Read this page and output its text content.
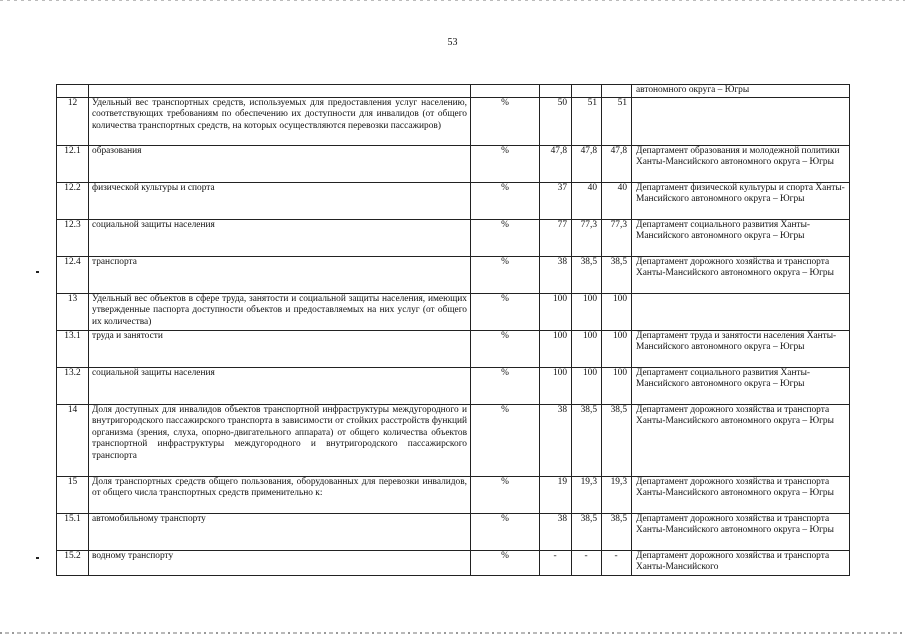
53
						автономного округа – Югры
12	Удельный вес транспортных средств, используемых для предоставления услуг населению, соответствующих требованиям по обеспечению их доступности для инвалидов (от общего количества транспортных средств, на которых осуществляются перевозки пассажиров)	%	50	51	51	
12.1	образования	%	47,8	47,8	47,8	Департамент образования и молодежной политики Ханты-Мансийского автономного округа – Югры
12.2	физической культуры и спорта	%	37	40	40	Департамент физической культуры и спорта Ханты-Мансийского автономного округа – Югры
12.3	социальной защиты населения	%	77	77,3	77,3	Департамент социального развития Ханты-Мансийского автономного округа – Югры
12.4	транспорта	%	38	38,5	38,5	Департамент дорожного хозяйства и транспорта Ханты-Мансийского автономного округа – Югры
13	Удельный вес объектов в сфере труда, занятости и социальной защиты населения, имеющих утвержденные паспорта доступности объектов и предоставляемых на них услуг (от общего их количества)	%	100	100	100	
13.1	труда и занятости	%	100	100	100	Департамент труда и занятости населения Ханты-Мансийского автономного округа – Югры
13.2	социальной защиты населения	%	100	100	100	Департамент социального развития Ханты-Мансийского автономного округа – Югры
14	Доля доступных для инвалидов объектов транспортной инфраструктуры междугородного и внутригородского пассажирского транспорта в зависимости от стойких расстройств функций организма (зрения, слуха, опорно-двигательного аппарата) от общего количества объектов транспортной инфраструктуры междугородного и внутригородского пассажирского транспорта	%	38	38,5	38,5	Департамент дорожного хозяйства и транспорта Ханты-Мансийского автономного округа – Югры
15	Доля транспортных средств общего пользования, оборудованных для перевозки инвалидов, от общего числа транспортных средств применительно к:	%	19	19,3	19,3	Департамент дорожного хозяйства и транспорта Ханты-Мансийского автономного округа – Югры
15.1	автомобильному транспорту	%	38	38,5	38,5	Департамент дорожного хозяйства и транспорта Ханты-Мансийского автономного округа – Югры
15.2	водному транспорту	%	-	-	-	Департамент дорожного хозяйства и транспорта Ханты-Мансийского
